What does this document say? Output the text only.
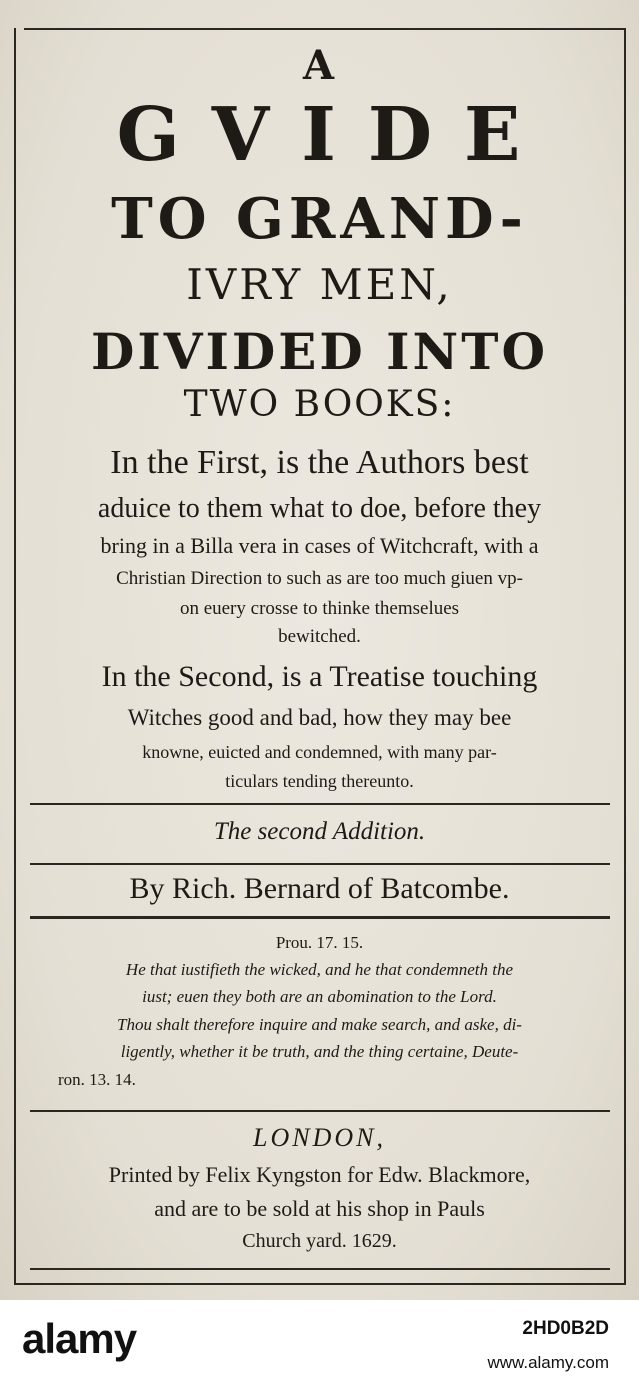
A
GVIDE
TO GRAND-
IVRY MEN,
DIVIDED INTO
TWO BOOKS:
In the First, is the Authors best
aduice to them what to doe, before they
bring in a Billa vera in cases of Witchcraft, with a
Christian Direction to such as are too much giuen vp-
on euery crosse to thinke themselues
bewitched.
In the Second, is a Treatise touching
Witches good and bad, how they may bee
knowne, euicted and condemned, with many par-
ticulars tending thereunto.
The second Addition.
By Rich. Bernard of Batcombe.
Prou. 17. 15.
He that iustifieth the wicked, and he that condemneth the
iust; euen they both are an abomination to the Lord.
Thou shalt therefore inquire and make search, and aske, di-
ligently, whether it be truth, and the thing certaine, Deute-
ron. 13. 14.
LONDON,
Printed by Felix Kyngston for Edw. Blackmore,
and are to be sold at his shop in Pauls
Church yard. 1629.
alamy	2HD0B2D
www.alamy.com
